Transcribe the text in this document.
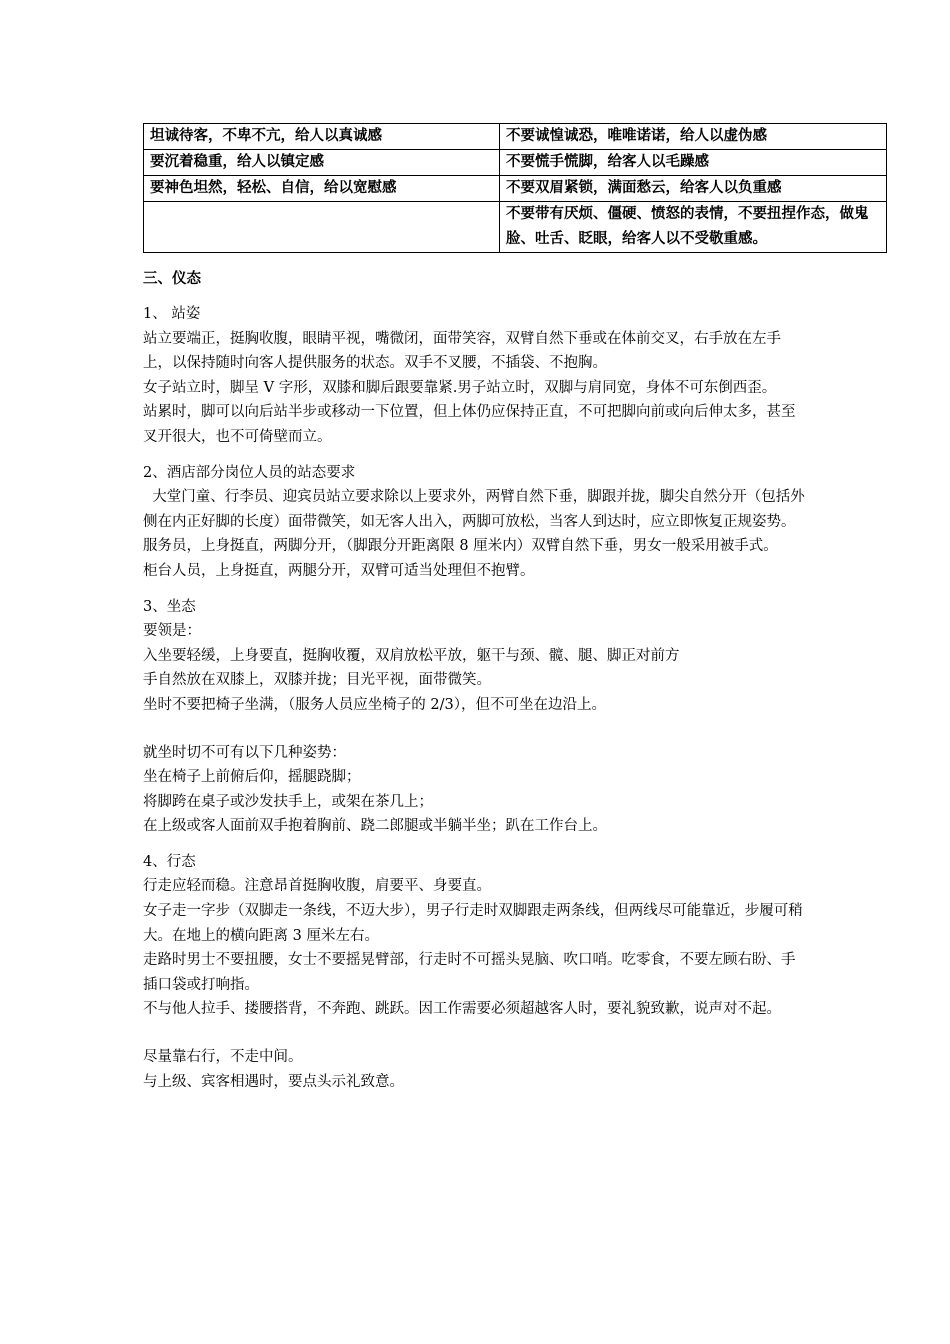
坦诚待客，不卑不亢，给人以真诚感	不要诚惶诚恐，唯唯诺诺，给人以虚伪感
要沉着稳重，给人以镇定感	不要慌手慌脚，给客人以毛躁感
要神色坦然，轻松、自信，给以宽慰感	不要双眉紧锁，满面愁云，给客人以负重感
	不要带有厌烦、僵硬、愤怒的表情，不要扭捏作态，做鬼脸、吐舌、眨眼，给客人以不受敬重感。
三、仪态

1、 站姿

站立要端正，挺胸收腹，眼睛平视，嘴微闭，面带笑容，双臂自然下垂或在体前交叉，右手放在左手上，以保持随时向客人提供服务的状态。双手不叉腰，不插袋、不抱胸。

女子站立时，脚呈 V 字形，双膝和脚后跟要靠紧.男子站立时，双脚与肩同宽，身体不可东倒西歪。

站累时，脚可以向后站半步或移动一下位置，但上体仍应保持正直，不可把脚向前或向后伸太多，甚至叉开很大，也不可倚壁而立。

2、酒店部分岗位人员的站态要求

大堂门童、行李员、迎宾员站立要求除以上要求外，两臂自然下垂，脚跟并拢，脚尖自然分开（包括外侧在内正好脚的长度）面带微笑，如无客人出入，两脚可放松，当客人到达时，应立即恢复正规姿势。

服务员，上身挺直，两脚分开，（脚跟分开距离限 8 厘米内）双臂自然下垂，男女一般采用被手式。

柜台人员，上身挺直，两腿分开，双臂可适当处理但不抱臂。

3、坐态

要领是：

入坐要轻缓，上身要直，挺胸收覆，双肩放松平放，躯干与颈、髋、腿、脚正对前方

手自然放在双膝上，双膝并拢；目光平视，面带微笑。

坐时不要把椅子坐满，（服务人员应坐椅子的 2/3），但不可坐在边沿上。

就坐时切不可有以下几种姿势：

坐在椅子上前俯后仰，摇腿跷脚；

将脚跨在桌子或沙发扶手上，或架在茶几上；

在上级或客人面前双手抱着胸前、跷二郎腿或半躺半坐；趴在工作台上。

4、行态

行走应轻而稳。注意昂首挺胸收腹，肩要平、身要直。

女子走一字步（双脚走一条线，不迈大步），男子行走时双脚跟走两条线，但两线尽可能靠近，步履可稍大。在地上的横向距离 3 厘米左右。

走路时男士不要扭腰，女士不要摇晃臂部，行走时不可摇头晃脑、吹口哨。吃零食，不要左顾右盼、手插口袋或打响指。

不与他人拉手、搂腰搭背，不奔跑、跳跃。因工作需要必须超越客人时，要礼貌致歉，说声对不起。

尽量靠右行，不走中间。

与上级、宾客相遇时，要点头示礼致意。
